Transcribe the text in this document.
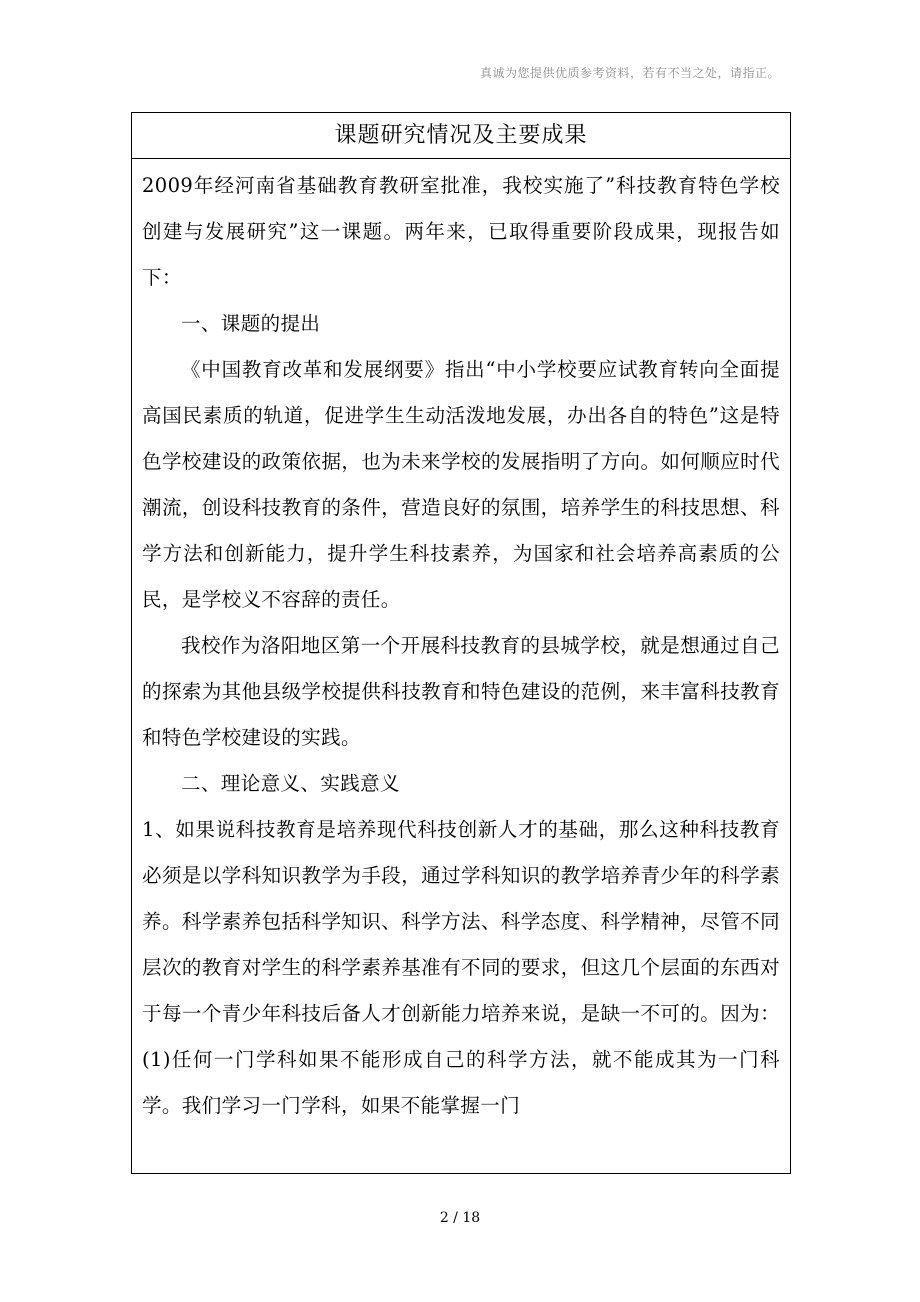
真诚为您提供优质参考资料，若有不当之处，请指正。
课题研究情况及主要成果

2009年经河南省基础教育教研室批准，我校实施了”科技教育特色学校创建与发展研究”这一课题。两年来，已取得重要阶段成果，现报告如下：

一、课题的提出

《中国教育改革和发展纲要》指出“中小学校要应试教育转向全面提高国民素质的轨道，促进学生生动活泼地发展，办出各自的特色”这是特色学校建设的政策依据，也为未来学校的发展指明了方向。如何顺应时代潮流，创设科技教育的条件，营造良好的氛围，培养学生的科技思想、科学方法和创新能力，提升学生科技素养，为国家和社会培养高素质的公民，是学校义不容辞的责任。

我校作为洛阳地区第一个开展科技教育的县城学校，就是想通过自己的探索为其他县级学校提供科技教育和特色建设的范例，来丰富科技教育和特色学校建设的实践。

二、理论意义、实践意义

1、如果说科技教育是培养现代科技创新人才的基础，那么这种科技教育必须是以学科知识教学为手段，通过学科知识的教学培养青少年的科学素养。科学素养包括科学知识、科学方法、科学态度、科学精神，尽管不同层次的教育对学生的科学素养基准有不同的要求，但这几个层面的东西对于每一个青少年科技后备人才创新能力培养来说，是缺一不可的。因为：(1)任何一门学科如果不能形成自己的科学方法，就不能成其为一门科学。我们学习一门学科，如果不能掌握一门

2 / 18
